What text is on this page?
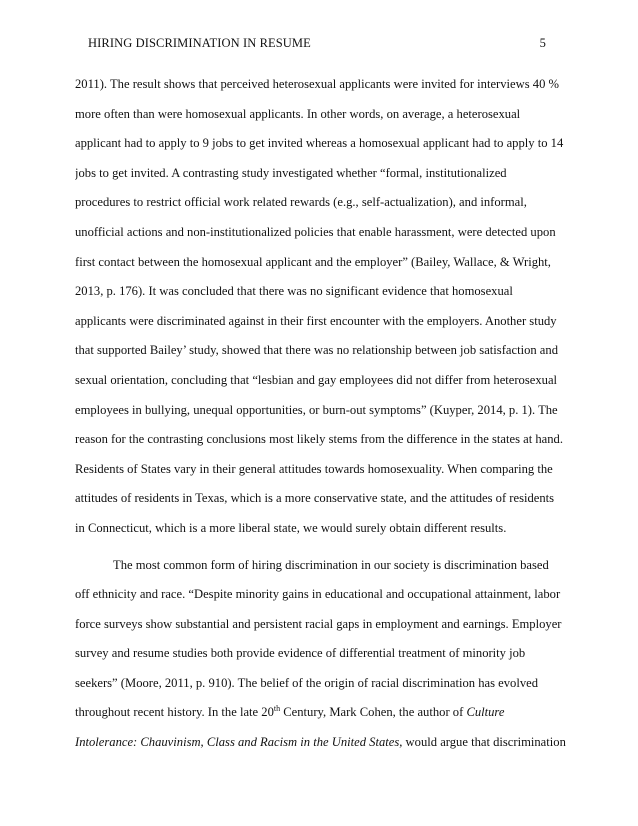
HIRING DISCRIMINATION IN RESUME	5
2011). The result shows that perceived heterosexual applicants were invited for interviews 40 %
more often than were homosexual applicants. In other words, on average, a heterosexual
applicant had to apply to 9 jobs to get invited whereas a homosexual applicant had to apply to 14
jobs to get invited. A contrasting study investigated whether “formal, institutionalized
procedures to restrict official work related rewards (e.g., self-actualization), and informal,
unofficial actions and non-institutionalized policies that enable harassment, were detected upon
first contact between the homosexual applicant and the employer” (Bailey, Wallace, & Wright,
2013, p. 176). It was concluded that there was no significant evidence that homosexual
applicants were discriminated against in their first encounter with the employers. Another study
that supported Bailey’ study, showed that there was no relationship between job satisfaction and
sexual orientation, concluding that “lesbian and gay employees did not differ from heterosexual
employees in bullying, unequal opportunities, or burn-out symptoms” (Kuyper, 2014, p. 1). The
reason for the contrasting conclusions most likely stems from the difference in the states at hand.
Residents of States vary in their general attitudes towards homosexuality. When comparing the
attitudes of residents in Texas, which is a more conservative state, and the attitudes of residents
in Connecticut, which is a more liberal state, we would surely obtain different results.
The most common form of hiring discrimination in our society is discrimination based
off ethnicity and race. “Despite minority gains in educational and occupational attainment, labor
force surveys show substantial and persistent racial gaps in employment and earnings. Employer
survey and resume studies both provide evidence of differential treatment of minority job
seekers” (Moore, 2011, p. 910). The belief of the origin of racial discrimination has evolved
throughout recent history. In the late 20th Century, Mark Cohen, the author of Culture
Intolerance: Chauvinism, Class and Racism in the United States, would argue that discrimination
